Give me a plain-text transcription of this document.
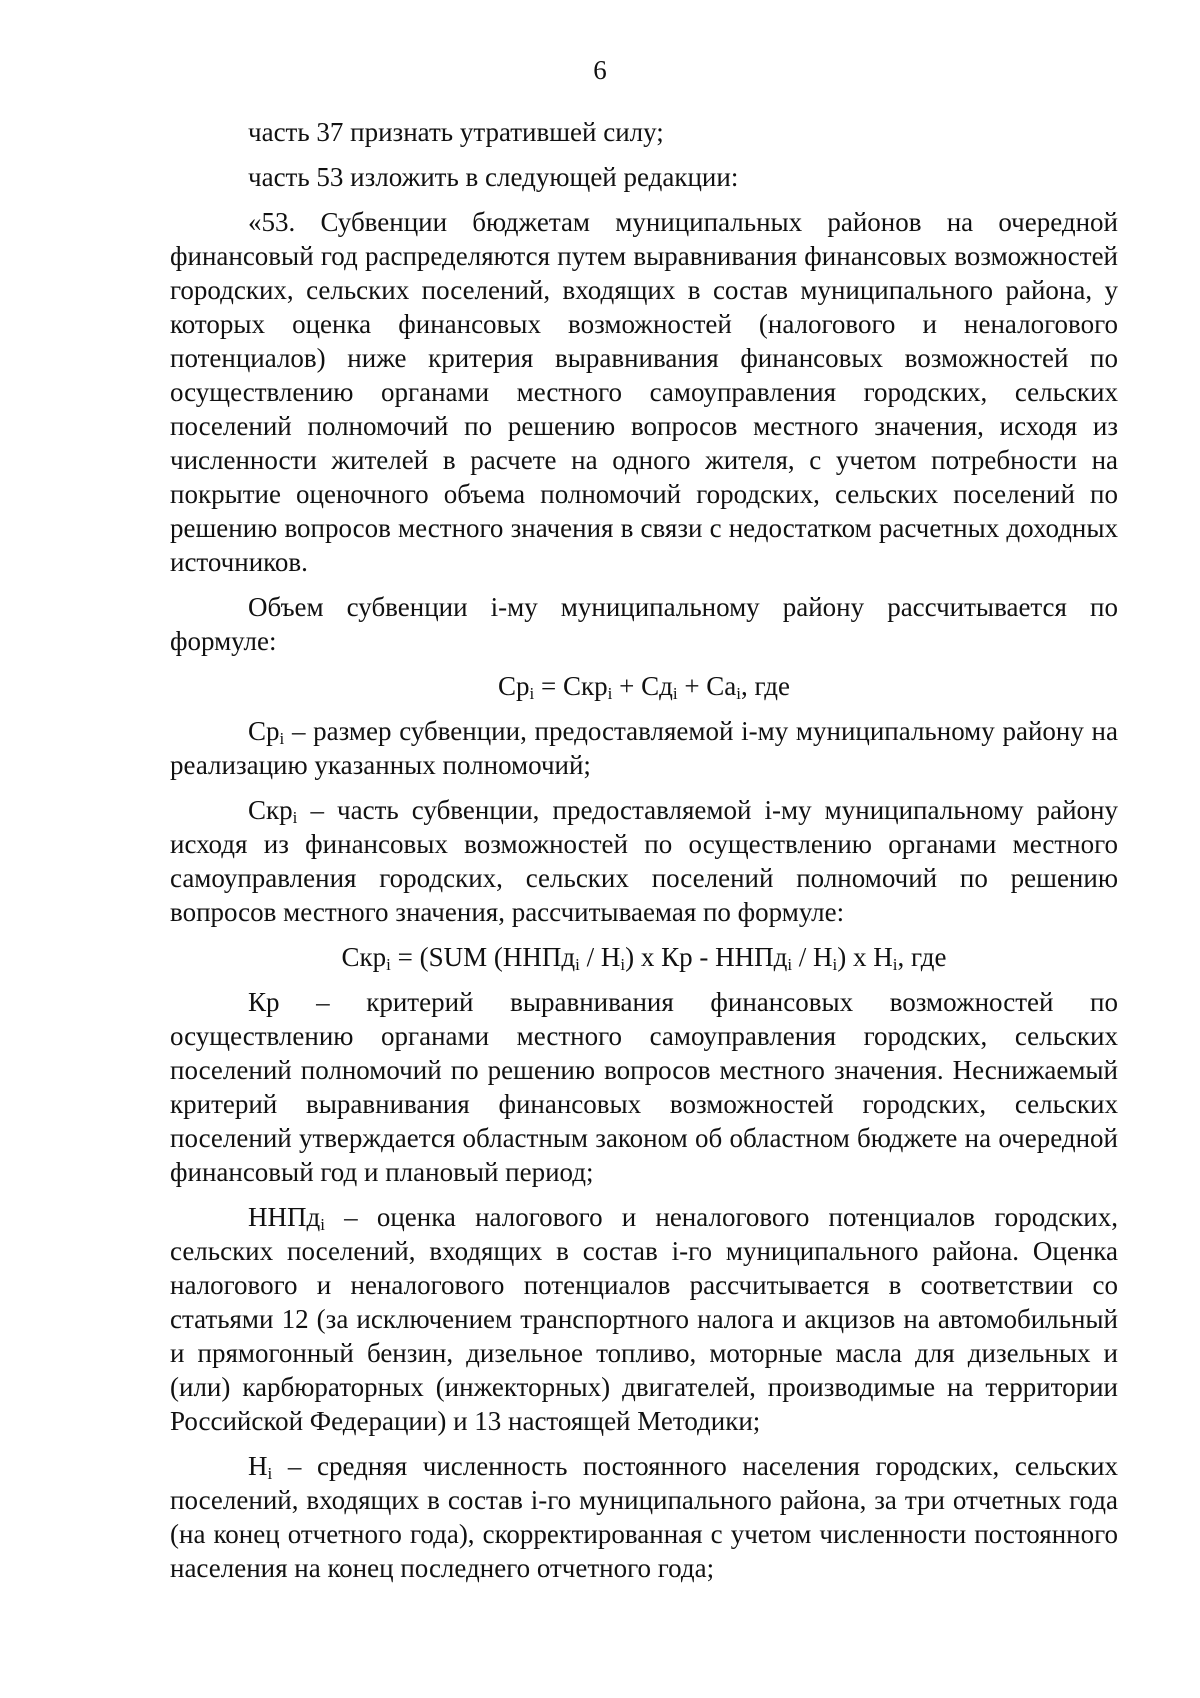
6

часть 37 признать утратившей силу;

часть 53 изложить в следующей редакции:

«53. Субвенции бюджетам муниципальных районов на очередной финансовый год распределяются путем выравнивания финансовых возможностей городских, сельских поселений, входящих в состав муниципального района, у которых оценка финансовых возможностей (налогового и неналогового потенциалов) ниже критерия выравнивания финансовых возможностей по осуществлению органами местного самоуправления городских, сельских поселений полномочий по решению вопросов местного значения, исходя из численности жителей в расчете на одного жителя, с учетом потребности на покрытие оценочного объема полномочий городских, сельских поселений по решению вопросов местного значения в связи с недостатком расчетных доходных источников.

Объем субвенции i-му муниципальному району рассчитывается по формуле:

$Ср_i = Скр_i + Сд_i + Са_i$, где

$Ср_i$ – размер субвенции, предоставляемой i-му муниципальному району на реализацию указанных полномочий;

Скр$_i$ – часть субвенции, предоставляемой i-му муниципальному району исходя из финансовых возможностей по осуществлению органами местного самоуправления городских, сельских поселений полномочий по решению вопросов местного значения, рассчитываемая по формуле:

Скр$_i$ = (SUM (ННПд$_i$ / $Н_i$) х Кр - ННПд$_i$ / $Н_i$) х $Н_i$, где

Кр – критерий выравнивания финансовых возможностей по осуществлению органами местного самоуправления городских, сельских поселений полномочий по решению вопросов местного значения. Неснижаемый критерий выравнивания финансовых возможностей городских, сельских поселений утверждается областным законом об областном бюджете на очередной финансовый год и плановый период;

ННПд$_i$ – оценка налогового и неналогового потенциалов городских, сельских поселений, входящих в состав i-го муниципального района. Оценка налогового и неналогового потенциалов рассчитывается в соответствии со статьями 12 (за исключением транспортного налога и акцизов на автомобильный и прямогонный бензин, дизельное топливо, моторные масла для дизельных и (или) карбюраторных (инжекторных) двигателей, производимые на территории Российской Федерации) и 13 настоящей Методики;

$Н_i$ – средняя численность постоянного населения городских, сельских поселений, входящих в состав i-го муниципального района, за три отчетных года (на конец отчетного года), скорректированная с учетом численности постоянного населения на конец последнего отчетного года;
